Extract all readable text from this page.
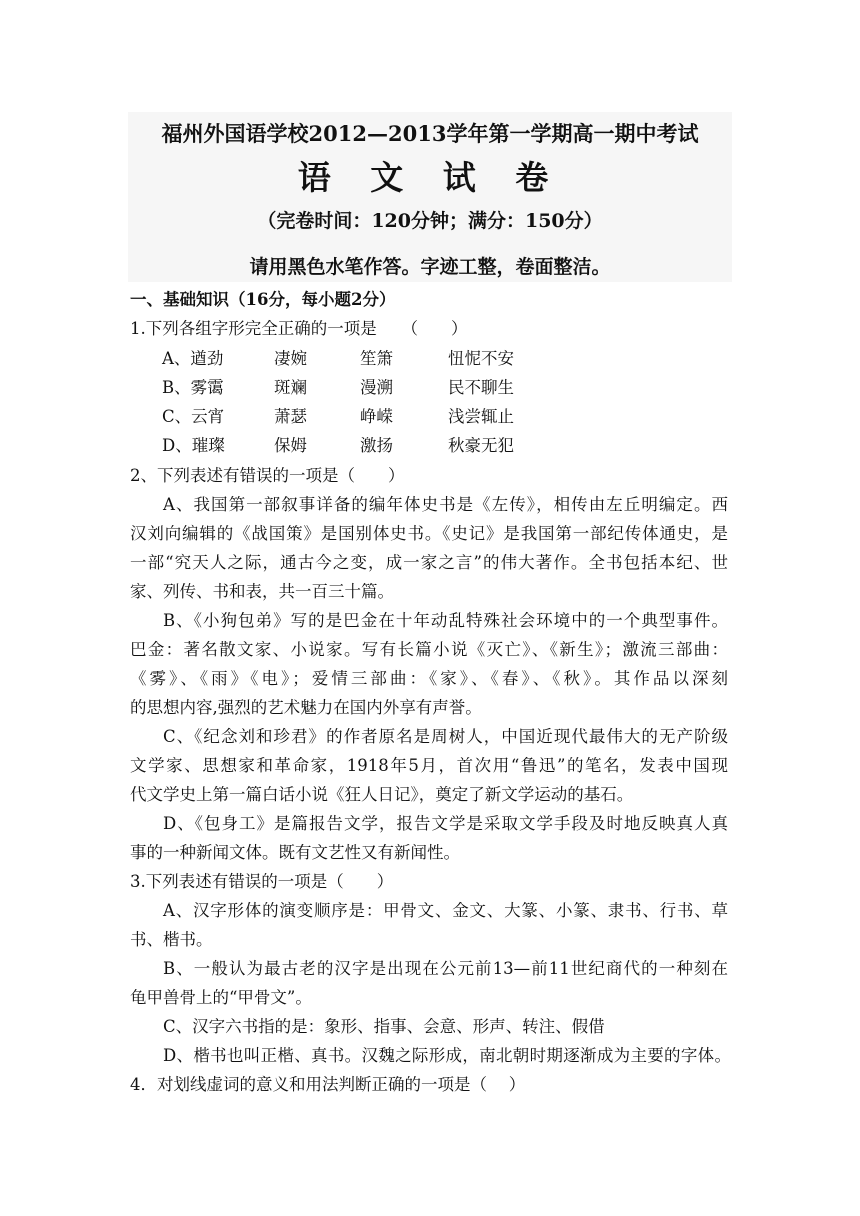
福州外国语学校2012—2013学年第一学期高一期中考试
语 文 试 卷
（完卷时间：120分钟；满分：150分）
请用黑色水笔作答。字迹工整，卷面整洁。
一、基础知识（16分，每小题2分）
1.下列各组字形完全正确的一项是　　（　　）
A、遒劲	凄婉	笙箫	忸怩不安
B、雾霭	斑斓	漫溯	民不聊生
C、云宵	萧瑟	峥嵘	浅尝辄止
D、璀璨	保姆	激扬	秋豪无犯
2、下列表述有错误的一项是（　　）
A、我国第一部叙事详备的编年体史书是《左传》，相传由左丘明编定。西
汉刘向编辑的《战国策》是国别体史书。《史记》是我国第一部纪传体通史，是
一部“究天人之际，通古今之变，成一家之言”的伟大著作。全书包括本纪、世
家、列传、书和表，共一百三十篇。
B、《小狗包弟》写的是巴金在十年动乱特殊社会环境中的一个典型事件。
巴金：著名散文家、小说家。写有长篇小说《灭亡》、《新生》；激流三部曲：
《雾》、《雨》《电》；爱情三部曲：《家》、《春》、《秋》。其作品以深刻
的思想内容,强烈的艺术魅力在国内外享有声誉。
C、《纪念刘和珍君》的作者原名是周树人，中国近现代最伟大的无产阶级
文学家、思想家和革命家，1918年5月，首次用“鲁迅”的笔名，发表中国现
代文学史上第一篇白话小说《狂人日记》，奠定了新文学运动的基石。
D、《包身工》是篇报告文学，报告文学是采取文学手段及时地反映真人真
事的一种新闻文体。既有文艺性又有新闻性。
3.下列表述有错误的一项是（　　）
A、汉字形体的演变顺序是：甲骨文、金文、大篆、小篆、隶书、行书、草
书、楷书。
B、一般认为最古老的汉字是出现在公元前13—前11世纪商代的一种刻在
龟甲兽骨上的“甲骨文”。
C、汉字六书指的是：象形、指事、会意、形声、转注、假借
D、楷书也叫正楷、真书。汉魏之际形成，南北朝时期逐渐成为主要的字体。
4．对划线虚词的意义和用法判断正确的一项是（　 ）
